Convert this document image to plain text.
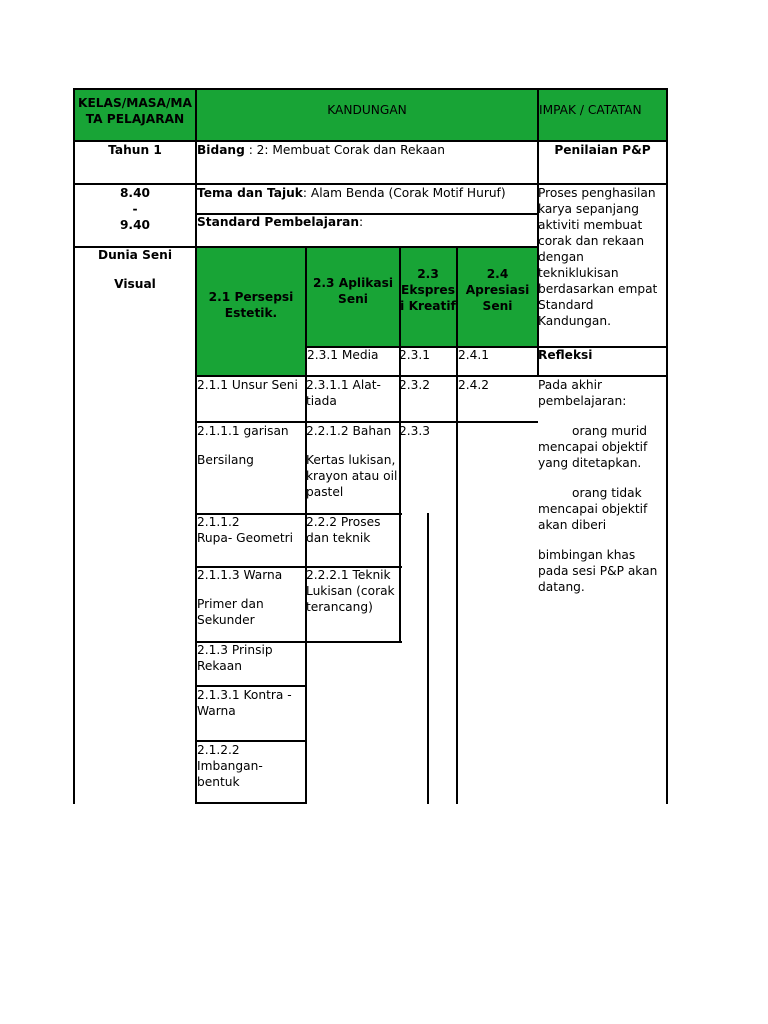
KELAS/MASA/MA
TA PELAJARAN
KANDUNGAN	IMPAK / CATATAN
Tahun 1
8.40
-
9.40
Dunia Seni
Visual
Bidang : 2: Membuat Corak dan Rekaan
Tema dan Tajuk: Alam Benda (Corak Motif Huruf)
Standard Pembelajaran:
2.1 Persepsi
Estetik.
2.3 Aplikasi
Seni
2.3
Ekspres
i Kreatif
2.4
Apresiasi
Seni
2.3.1 Media 2.3.1 2.4.1
2.1.1 Unsur Seni 2.3.1.1 Alat-
tiada
2.3.2 2.4.2
2.1.1.1 garisan
Bersilang
2.2.1.2 Bahan
Kertas lukisan,
krayon atau oil
pastel
2.3.3
2.1.1.2
Rupa- Geometri
2.2.2 Proses
dan teknik
2.1.1.3 Warna
Primer dan
Sekunder
2.2.2.1 Teknik
Lukisan (corak
terancang)
2.1.3 Prinsip
Rekaan
2.1.3.1 Kontra -
Warna
2.1.2.2
Imbangan-
bentuk
Penilaian P&P
Proses penghasilan
karya sepanjang
aktiviti membuat
corak dan rekaan
dengan
tekniklukisan
berdasarkan empat
Standard
Kandungan.
Refleksi
Pada akhir
pembelajaran:
orang murid
mencapai objektif
yang ditetapkan.
orang tidak
mencapai objektif
akan diberi
bimbingan khas
pada sesi P&P akan
datang.
